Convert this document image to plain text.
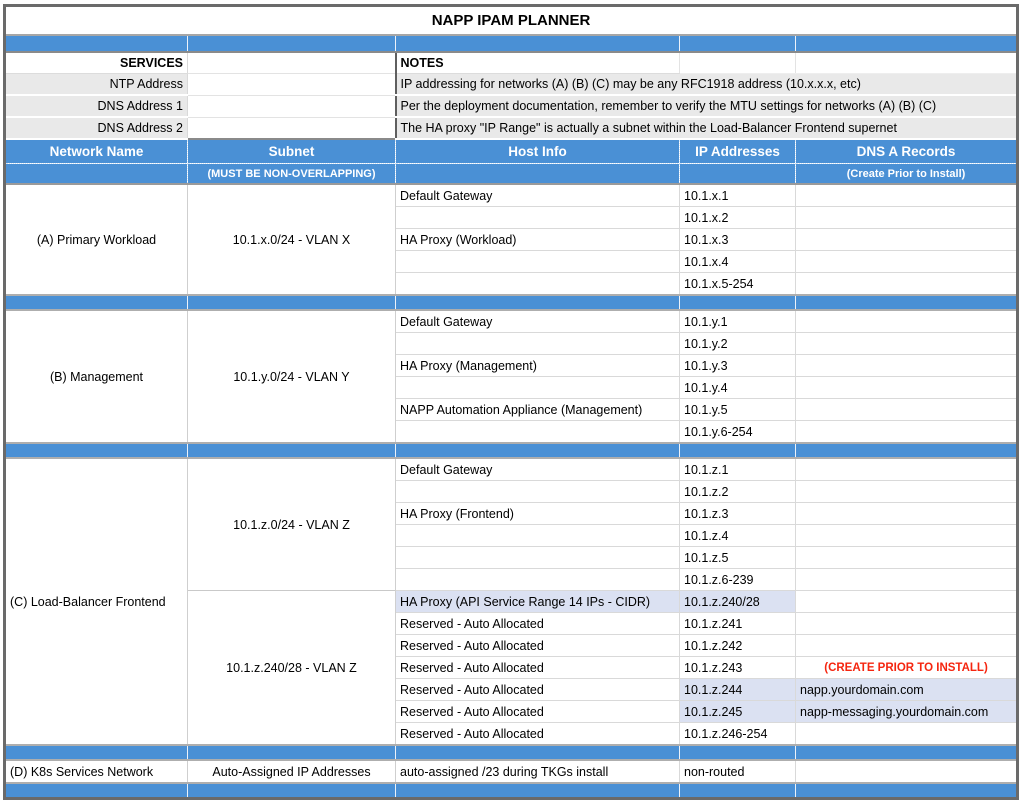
NAPP IPAM PLANNER				

SERVICES		NOTES		
NTP Address		IP addressing for networks (A) (B) (C) may be any RFC1918 address (10.x.x.x, etc)		
DNS Address 1		Per the deployment documentation, remember to verify the MTU settings for networks (A) (B) (C)		
DNS Address 2		The HA proxy "IP Range" is actually a subnet within the Load-Balancer Frontend supernet		
Network Name	Subnet	Host Info	IP Addresses	DNS A Records
	(MUST BE NON-OVERLAPPING)			(Create Prior to Install)
(A) Primary Workload	10.1.x.0/24 - VLAN X	Default Gateway	10.1.x.1	
			10.1.x.2	
		HA Proxy (Workload)	10.1.x.3	
			10.1.x.4	
			10.1.x.5-254	

(B) Management	10.1.y.0/24 - VLAN Y	Default Gateway	10.1.y.1	
			10.1.y.2	
		HA Proxy (Management)	10.1.y.3	
			10.1.y.4	
		NAPP Automation Appliance (Management)	10.1.y.5	
			10.1.y.6-254	

(C) Load-Balancer Frontend	10.1.z.0/24 - VLAN Z	Default Gateway	10.1.z.1	
			10.1.z.2	
		HA Proxy (Frontend)	10.1.z.3	
			10.1.z.4	
			10.1.z.5	
			10.1.z.6-239	
	10.1.z.240/28 - VLAN Z	HA Proxy (API Service Range 14 IPs - CIDR)	10.1.z.240/28	
		Reserved - Auto Allocated	10.1.z.241	
		Reserved - Auto Allocated	10.1.z.242	
		Reserved - Auto Allocated	10.1.z.243	(CREATE PRIOR TO INSTALL)
		Reserved - Auto Allocated	10.1.z.244	napp.yourdomain.com
		Reserved - Auto Allocated	10.1.z.245	napp-messaging.yourdomain.com
		Reserved - Auto Allocated	10.1.z.246-254	

(D) K8s Services Network	Auto-Assigned IP Addresses	auto-assigned /23 during TKGs install	non-routed	
